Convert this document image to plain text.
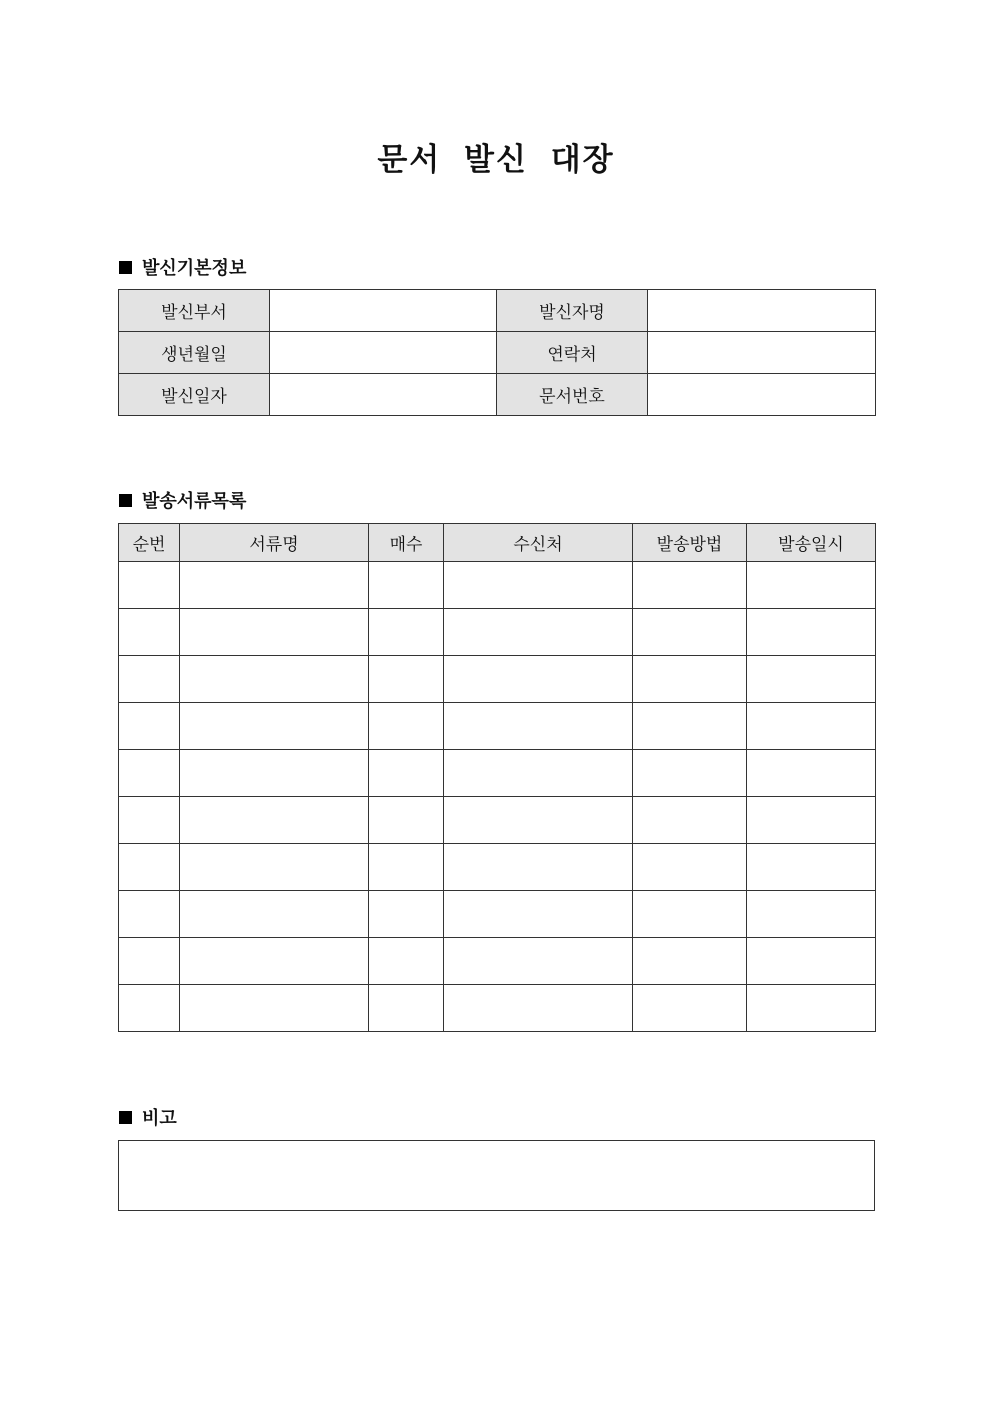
문서 발신 대장
발신기본정보
발신부서		발신자명	
생년월일		연락처	
발신일자		문서번호	
발송서류목록
순번	서류명	매수	수신처	발송방법	발송일시

비고
